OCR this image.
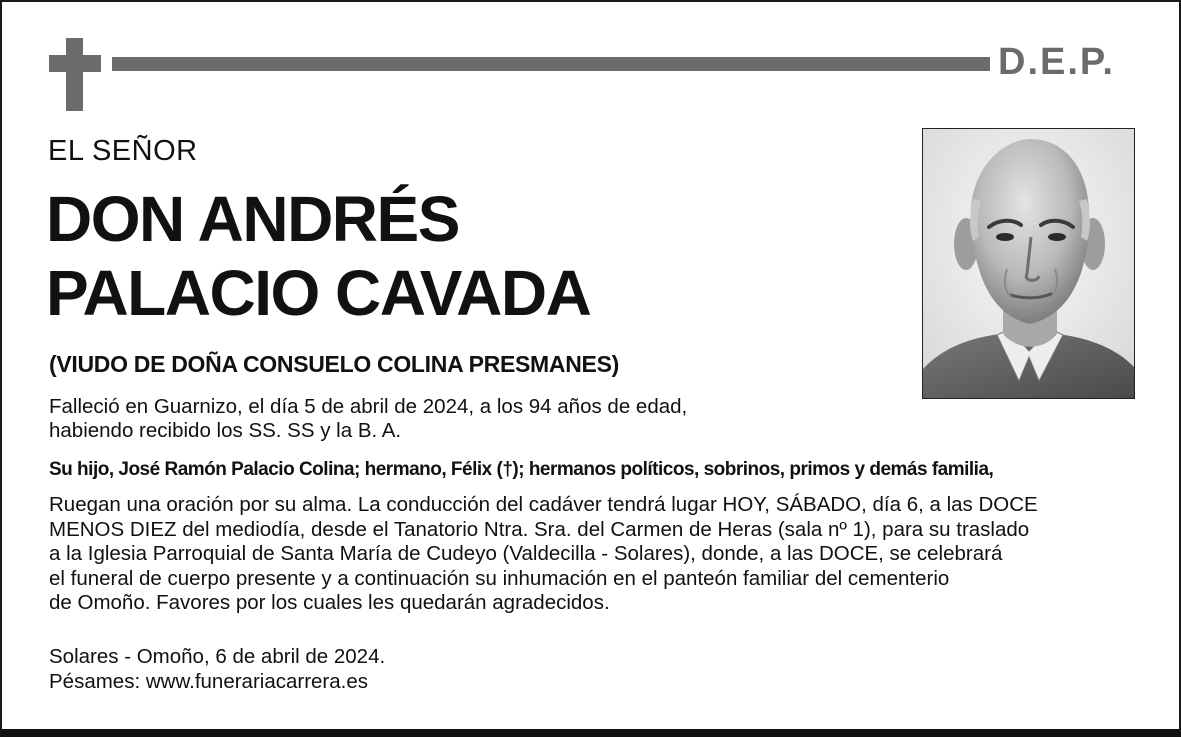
D.E.P.
EL SEÑOR
DON ANDRÉS
PALACIO CAVADA
(VIUDO DE DOÑA CONSUELO COLINA PRESMANES)
Falleció en Guarnizo, el día 5 de abril de 2024, a los 94 años de edad,
habiendo recibido los SS. SS y la B. A.
Su hijo, José Ramón Palacio Colina; hermano, Félix (†); hermanos políticos, sobrinos, primos y demás familia,
Ruegan una oración por su alma. La conducción del cadáver tendrá lugar HOY, SÁBADO, día 6, a las DOCE
MENOS DIEZ del mediodía, desde el Tanatorio Ntra. Sra. del Carmen de Heras (sala nº 1), para su traslado
a la Iglesia Parroquial de Santa María de Cudeyo (Valdecilla - Solares), donde, a las DOCE, se celebrará
el funeral de cuerpo presente y a continuación su inhumación en el panteón familiar del cementerio
de Omoño. Favores por los cuales les quedarán agradecidos.
Solares - Omoño, 6 de abril de 2024.
Pésames: www.funerariacarrera.es
